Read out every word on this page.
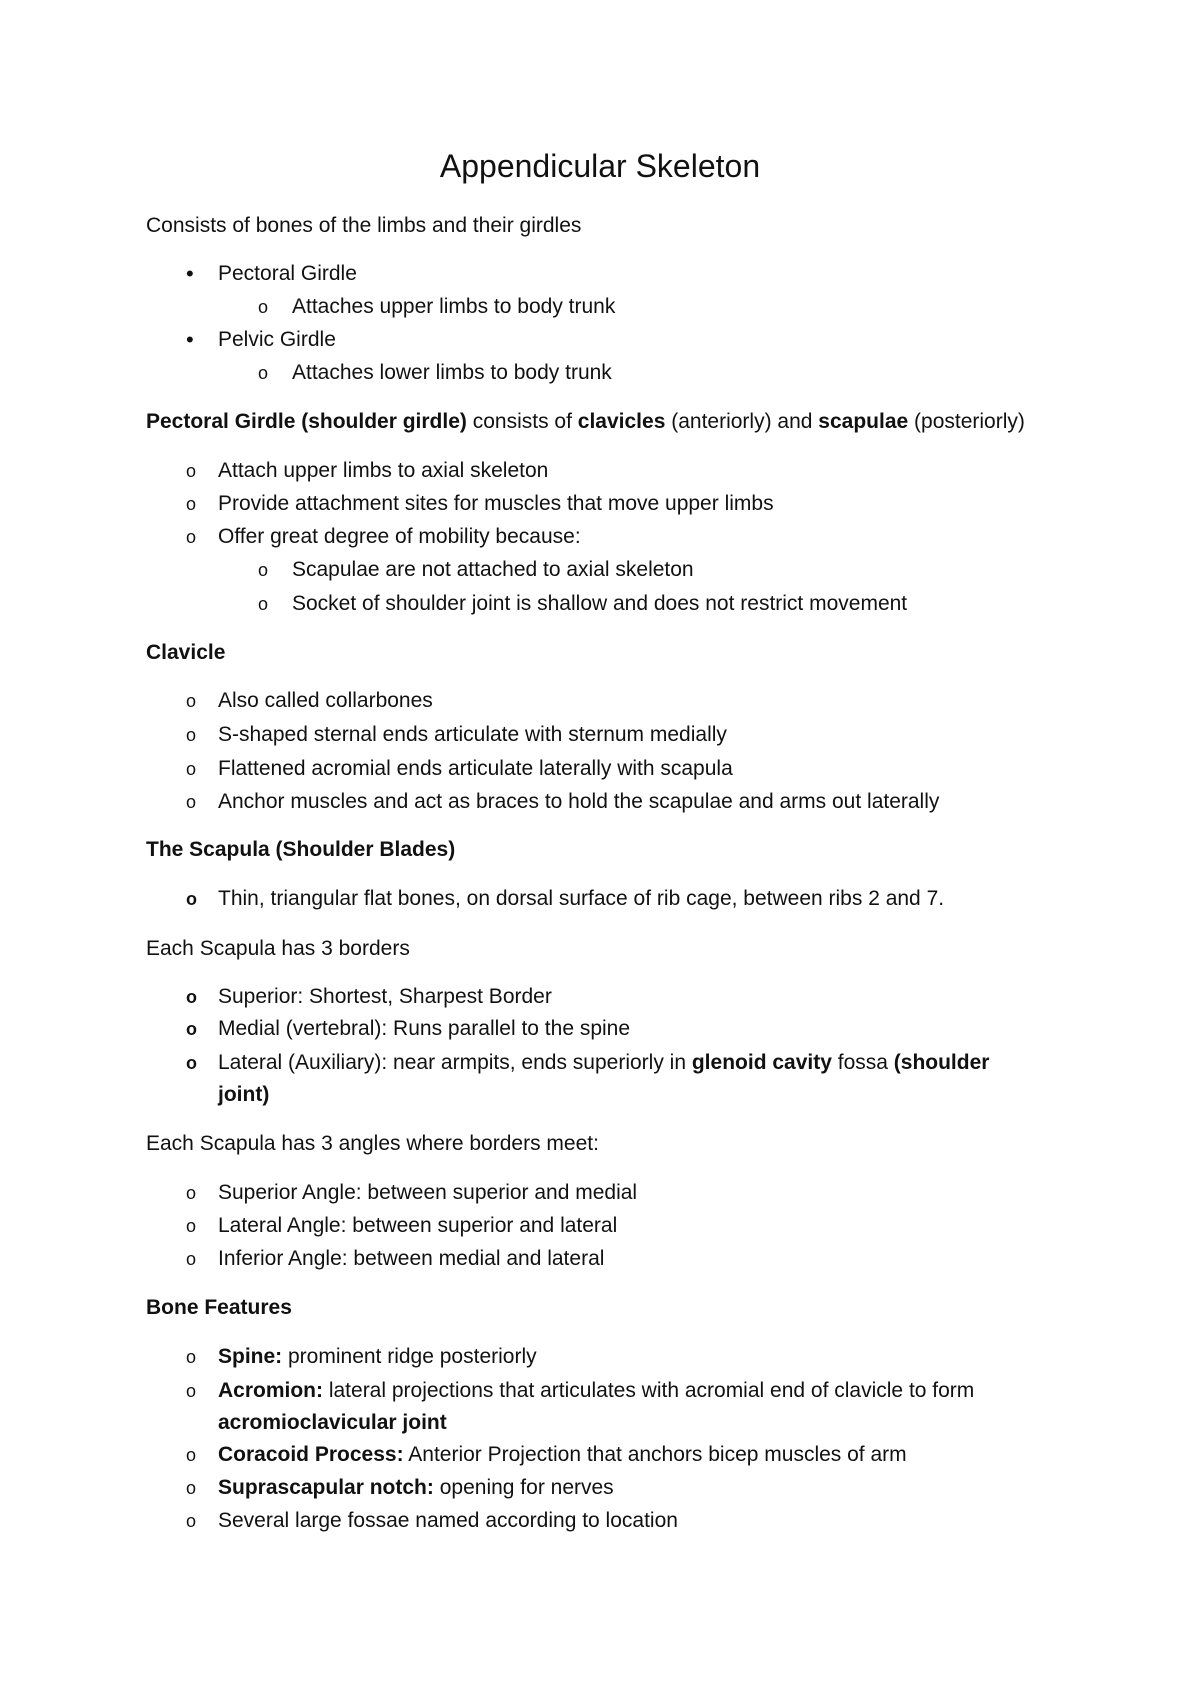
Appendicular Skeleton
Consists of bones of the limbs and their girdles
• Pectoral Girdle
o Attaches upper limbs to body trunk
• Pelvic Girdle
o Attaches lower limbs to body trunk
Pectoral Girdle (shoulder girdle) consists of clavicles (anteriorly) and scapulae (posteriorly)
o Attach upper limbs to axial skeleton
o Provide attachment sites for muscles that move upper limbs
o Offer great degree of mobility because:
o Scapulae are not attached to axial skeleton
o Socket of shoulder joint is shallow and does not restrict movement
Clavicle
o Also called collarbones
o S-shaped sternal ends articulate with sternum medially
o Flattened acromial ends articulate laterally with scapula
o Anchor muscles and act as braces to hold the scapulae and arms out laterally
The Scapula (Shoulder Blades)
o Thin, triangular flat bones, on dorsal surface of rib cage, between ribs 2 and 7.
Each Scapula has 3 borders
o Superior: Shortest, Sharpest Border
o Medial (vertebral): Runs parallel to the spine
o Lateral (Auxiliary): near armpits, ends superiorly in glenoid cavity fossa (shoulder
joint)
Each Scapula has 3 angles where borders meet:
o Superior Angle: between superior and medial
o Lateral Angle: between superior and lateral
o Inferior Angle: between medial and lateral
Bone Features
o Spine: prominent ridge posteriorly
o Acromion: lateral projections that articulates with acromial end of clavicle to form
acromioclavicular joint
o Coracoid Process: Anterior Projection that anchors bicep muscles of arm
o Suprascapular notch: opening for nerves
o Several large fossae named according to location
